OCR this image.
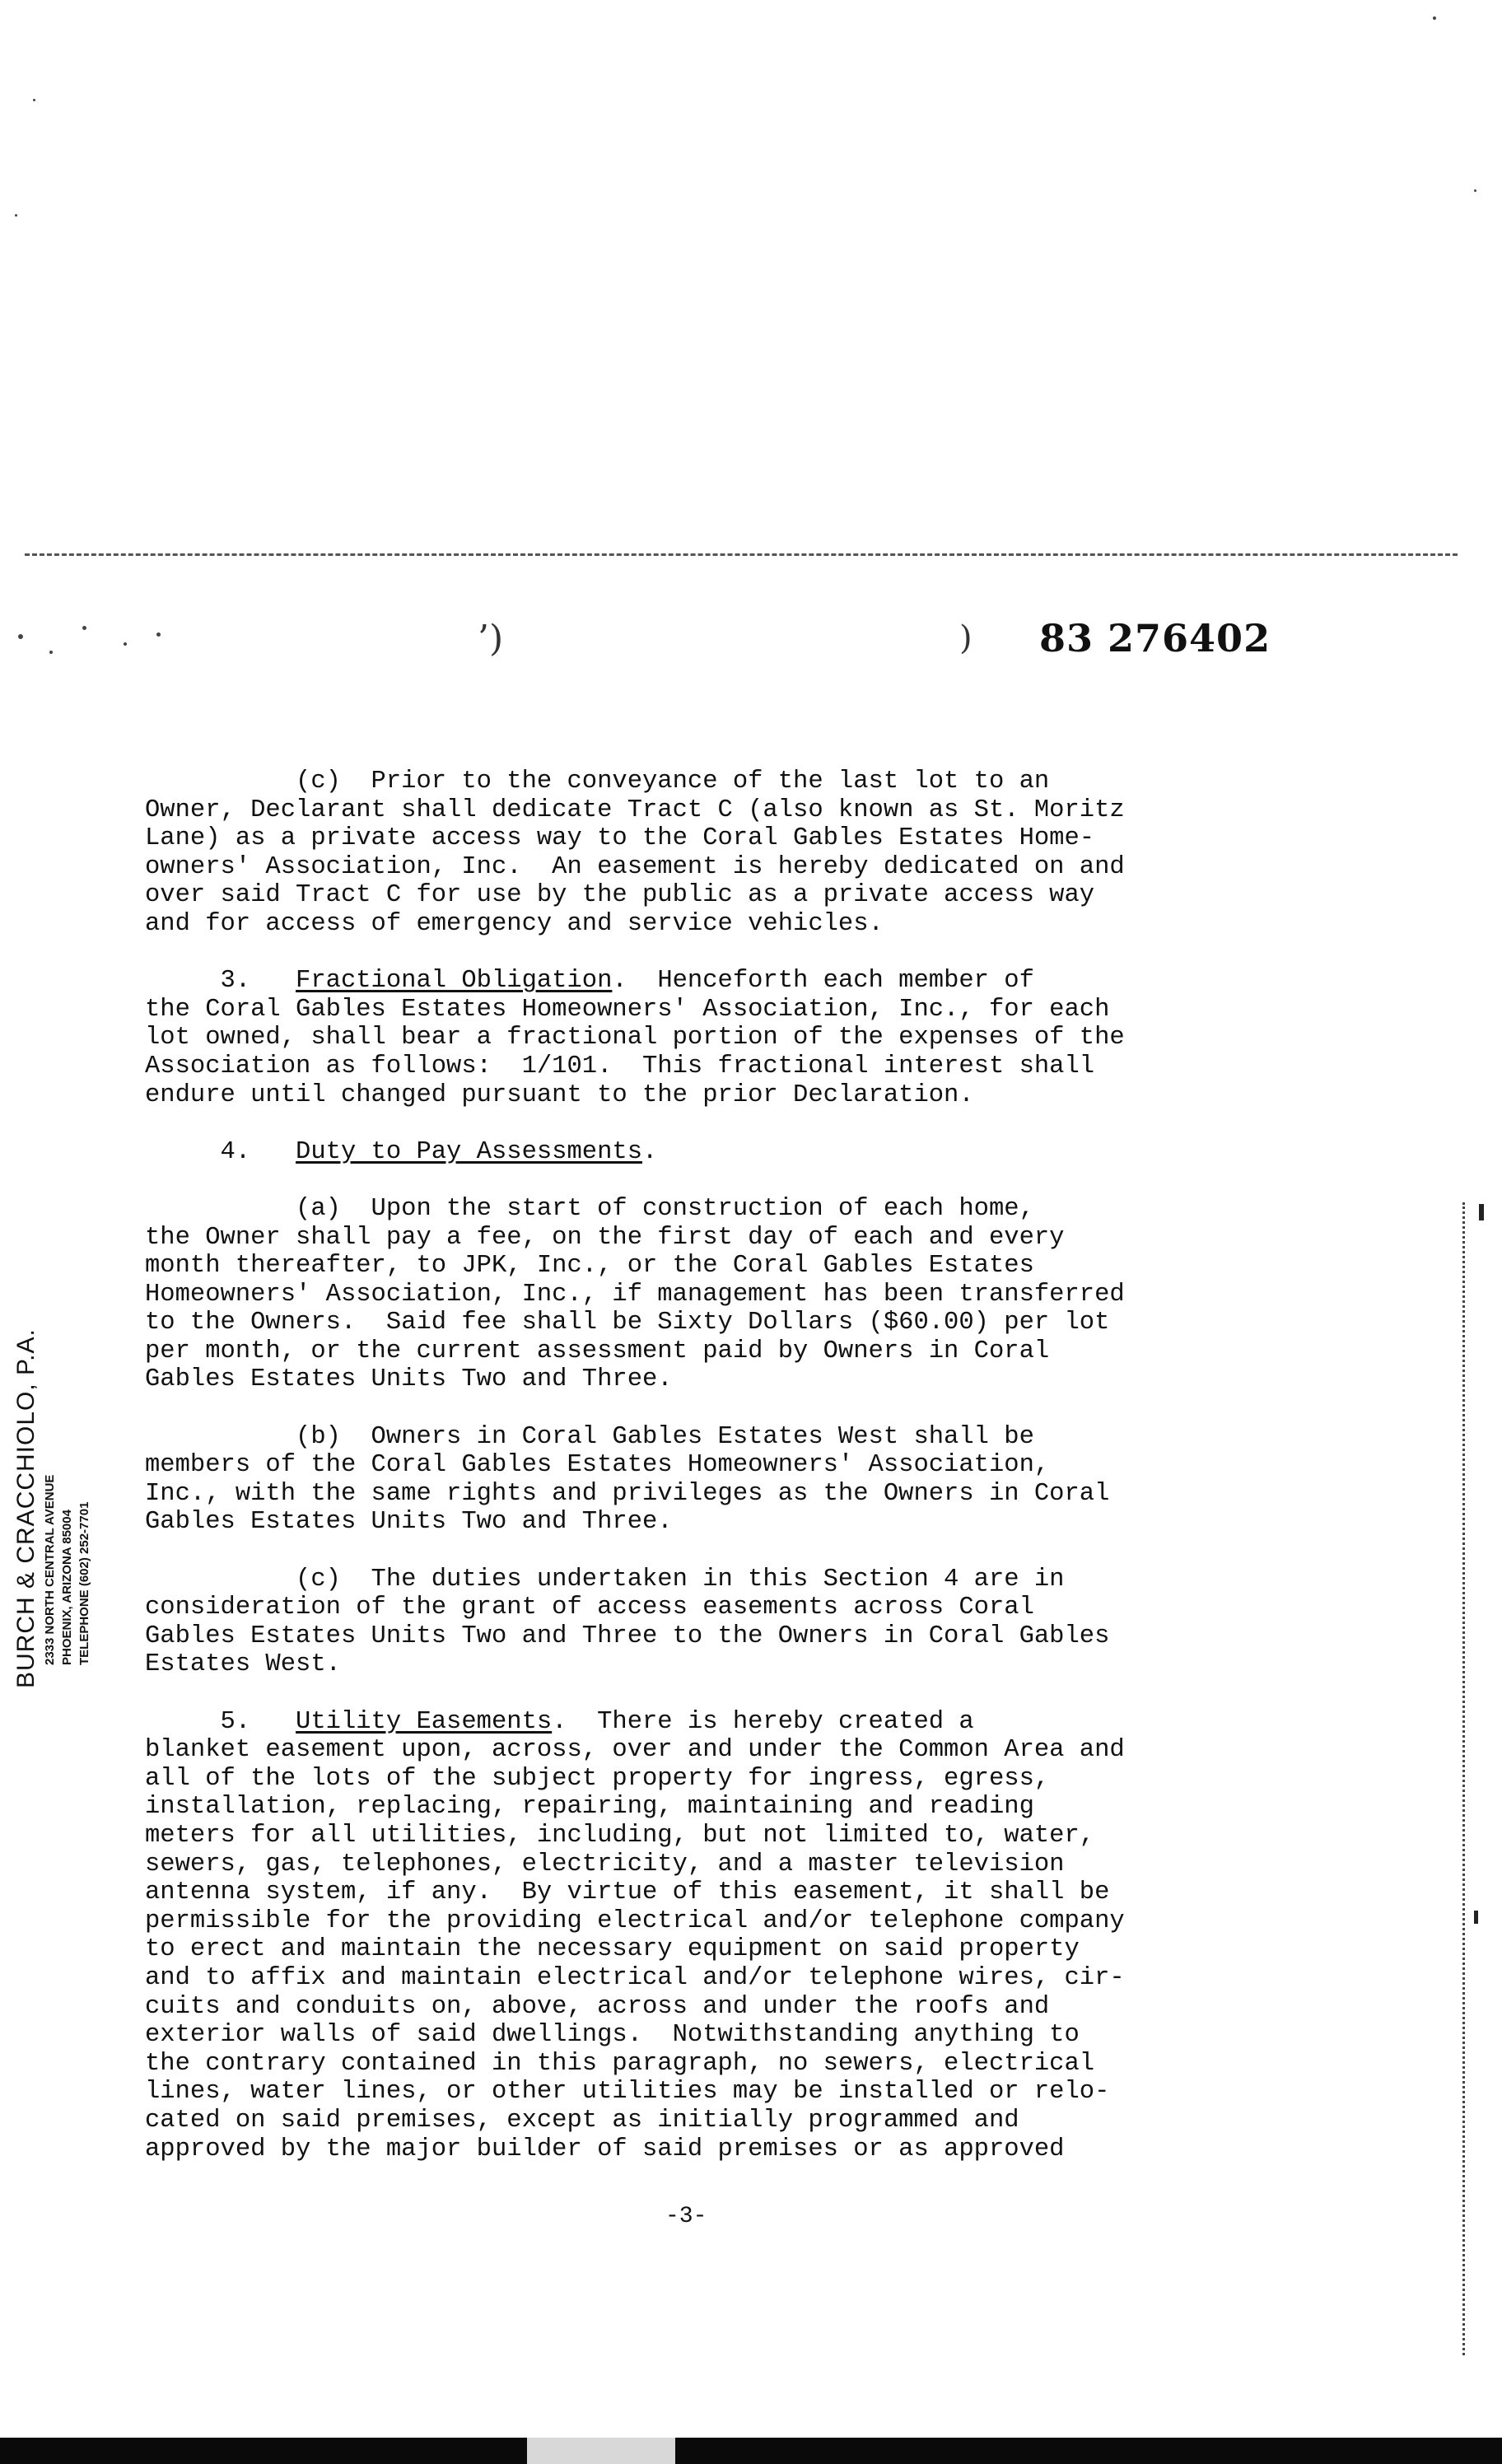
’)	) 83 276402
BURCH & CRACCHIOLO, P.A. 2333 NORTH CENTRAL AVENUE PHOENIX, ARIZONA 85004 TELEPHONE (602) 252-7701
(c)  Prior to the conveyance of the last lot to an
Owner, Declarant shall dedicate Tract C (also known as St. Moritz
Lane) as a private access way to the Coral Gables Estates Home-
owners' Association, Inc.  An easement is hereby dedicated on and
over said Tract C for use by the public as a private access way
and for access of emergency and service vehicles.
3.   Fractional Obligation.  Henceforth each member of
the Coral Gables Estates Homeowners' Association, Inc., for each
lot owned, shall bear a fractional portion of the expenses of the
Association as follows:  1/101.  This fractional interest shall
endure until changed pursuant to the prior Declaration.
4.   Duty to Pay Assessments.
(a)  Upon the start of construction of each home,
the Owner shall pay a fee, on the first day of each and every
month thereafter, to JPK, Inc., or the Coral Gables Estates
Homeowners' Association, Inc., if management has been transferred
to the Owners.  Said fee shall be Sixty Dollars ($60.00) per lot
per month, or the current assessment paid by Owners in Coral
Gables Estates Units Two and Three.
(b)  Owners in Coral Gables Estates West shall be
members of the Coral Gables Estates Homeowners' Association,
Inc., with the same rights and privileges as the Owners in Coral
Gables Estates Units Two and Three.
(c)  The duties undertaken in this Section 4 are in
consideration of the grant of access easements across Coral
Gables Estates Units Two and Three to the Owners in Coral Gables
Estates West.
5.   Utility Easements.  There is hereby created a
blanket easement upon, across, over and under the Common Area and
all of the lots of the subject property for ingress, egress,
installation, replacing, repairing, maintaining and reading
meters for all utilities, including, but not limited to, water,
sewers, gas, telephones, electricity, and a master television
antenna system, if any.  By virtue of this easement, it shall be
permissible for the providing electrical and/or telephone company
to erect and maintain the necessary equipment on said property
and to affix and maintain electrical and/or telephone wires, cir-
cuits and conduits on, above, across and under the roofs and
exterior walls of said dwellings.  Notwithstanding anything to
the contrary contained in this paragraph, no sewers, electrical
lines, water lines, or other utilities may be installed or relo-
cated on said premises, except as initially programmed and
approved by the major builder of said premises or as approved
-3-
